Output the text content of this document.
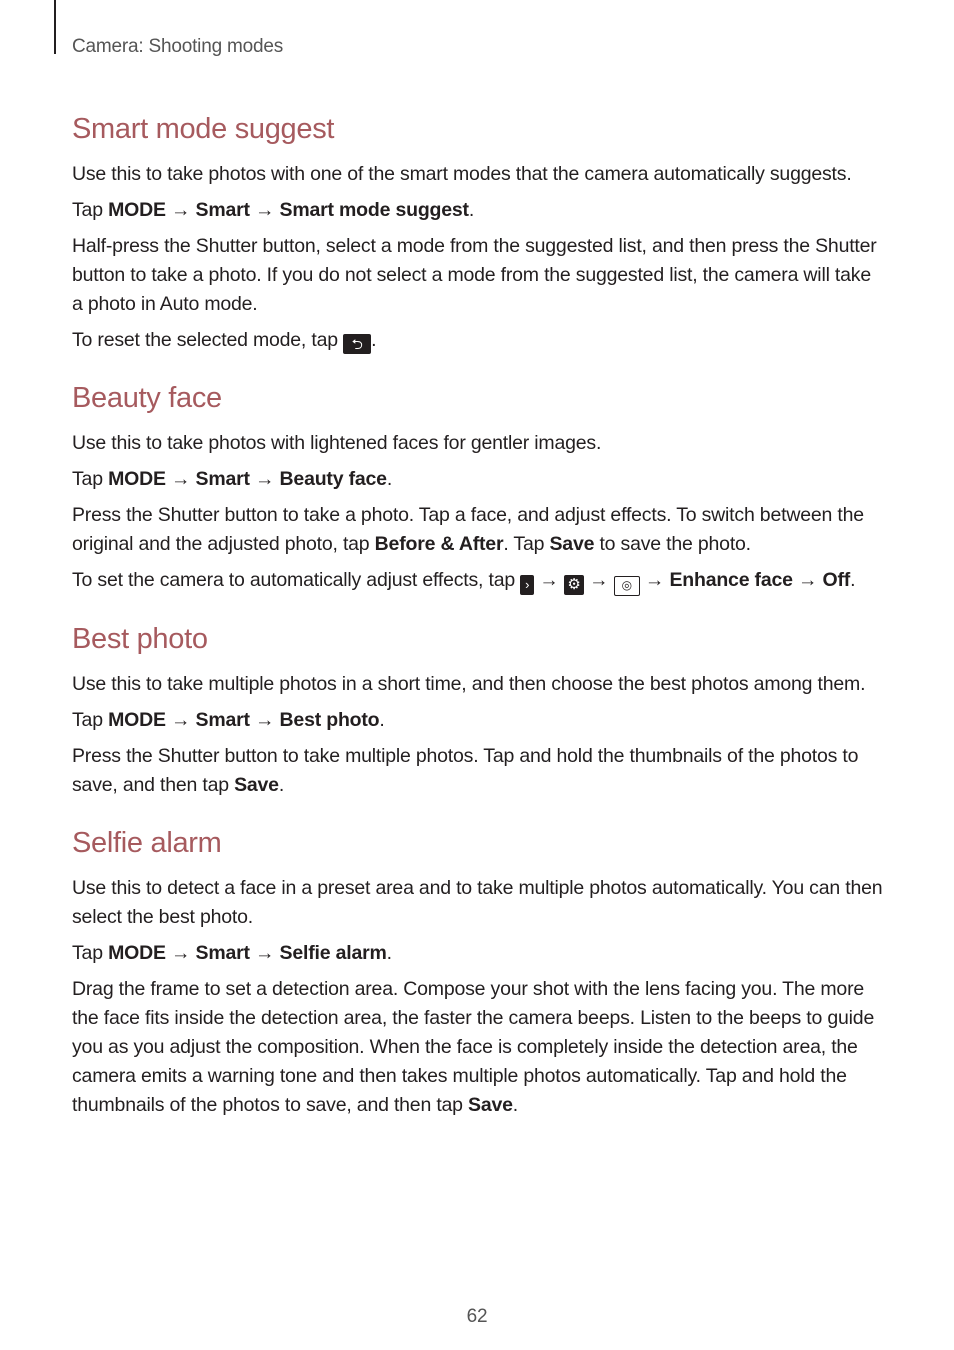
Camera: Shooting modes

Smart mode suggest

Use this to take photos with one of the smart modes that the camera automatically suggests.

Tap MODE → Smart → Smart mode suggest.

Half-press the Shutter button, select a mode from the suggested list, and then press the Shutter button to take a photo. If you do not select a mode from the suggested list, the camera will take a photo in Auto mode.

To reset the selected mode, tap ⮌ .

Beauty face

Use this to take photos with lightened faces for gentler images.

Tap MODE → Smart → Beauty face.

Press the Shutter button to take a photo. Tap a face, and adjust effects. To switch between the original and the adjusted photo, tap Before & After. Tap Save to save the photo.

To set the camera to automatically adjust effects, tap › → ⚙ → ◎ → Enhance face → Off.

Best photo

Use this to take multiple photos in a short time, and then choose the best photos among them.

Tap MODE → Smart → Best photo.

Press the Shutter button to take multiple photos. Tap and hold the thumbnails of the photos to save, and then tap Save.

Selfie alarm

Use this to detect a face in a preset area and to take multiple photos automatically. You can then select the best photo.

Tap MODE → Smart → Selfie alarm.

Drag the frame to set a detection area. Compose your shot with the lens facing you. The more the face fits inside the detection area, the faster the camera beeps. Listen to the beeps to guide you as you adjust the composition. When the face is completely inside the detection area, the camera emits a warning tone and then takes multiple photos automatically. Tap and hold the thumbnails of the photos to save, and then tap Save.

62
